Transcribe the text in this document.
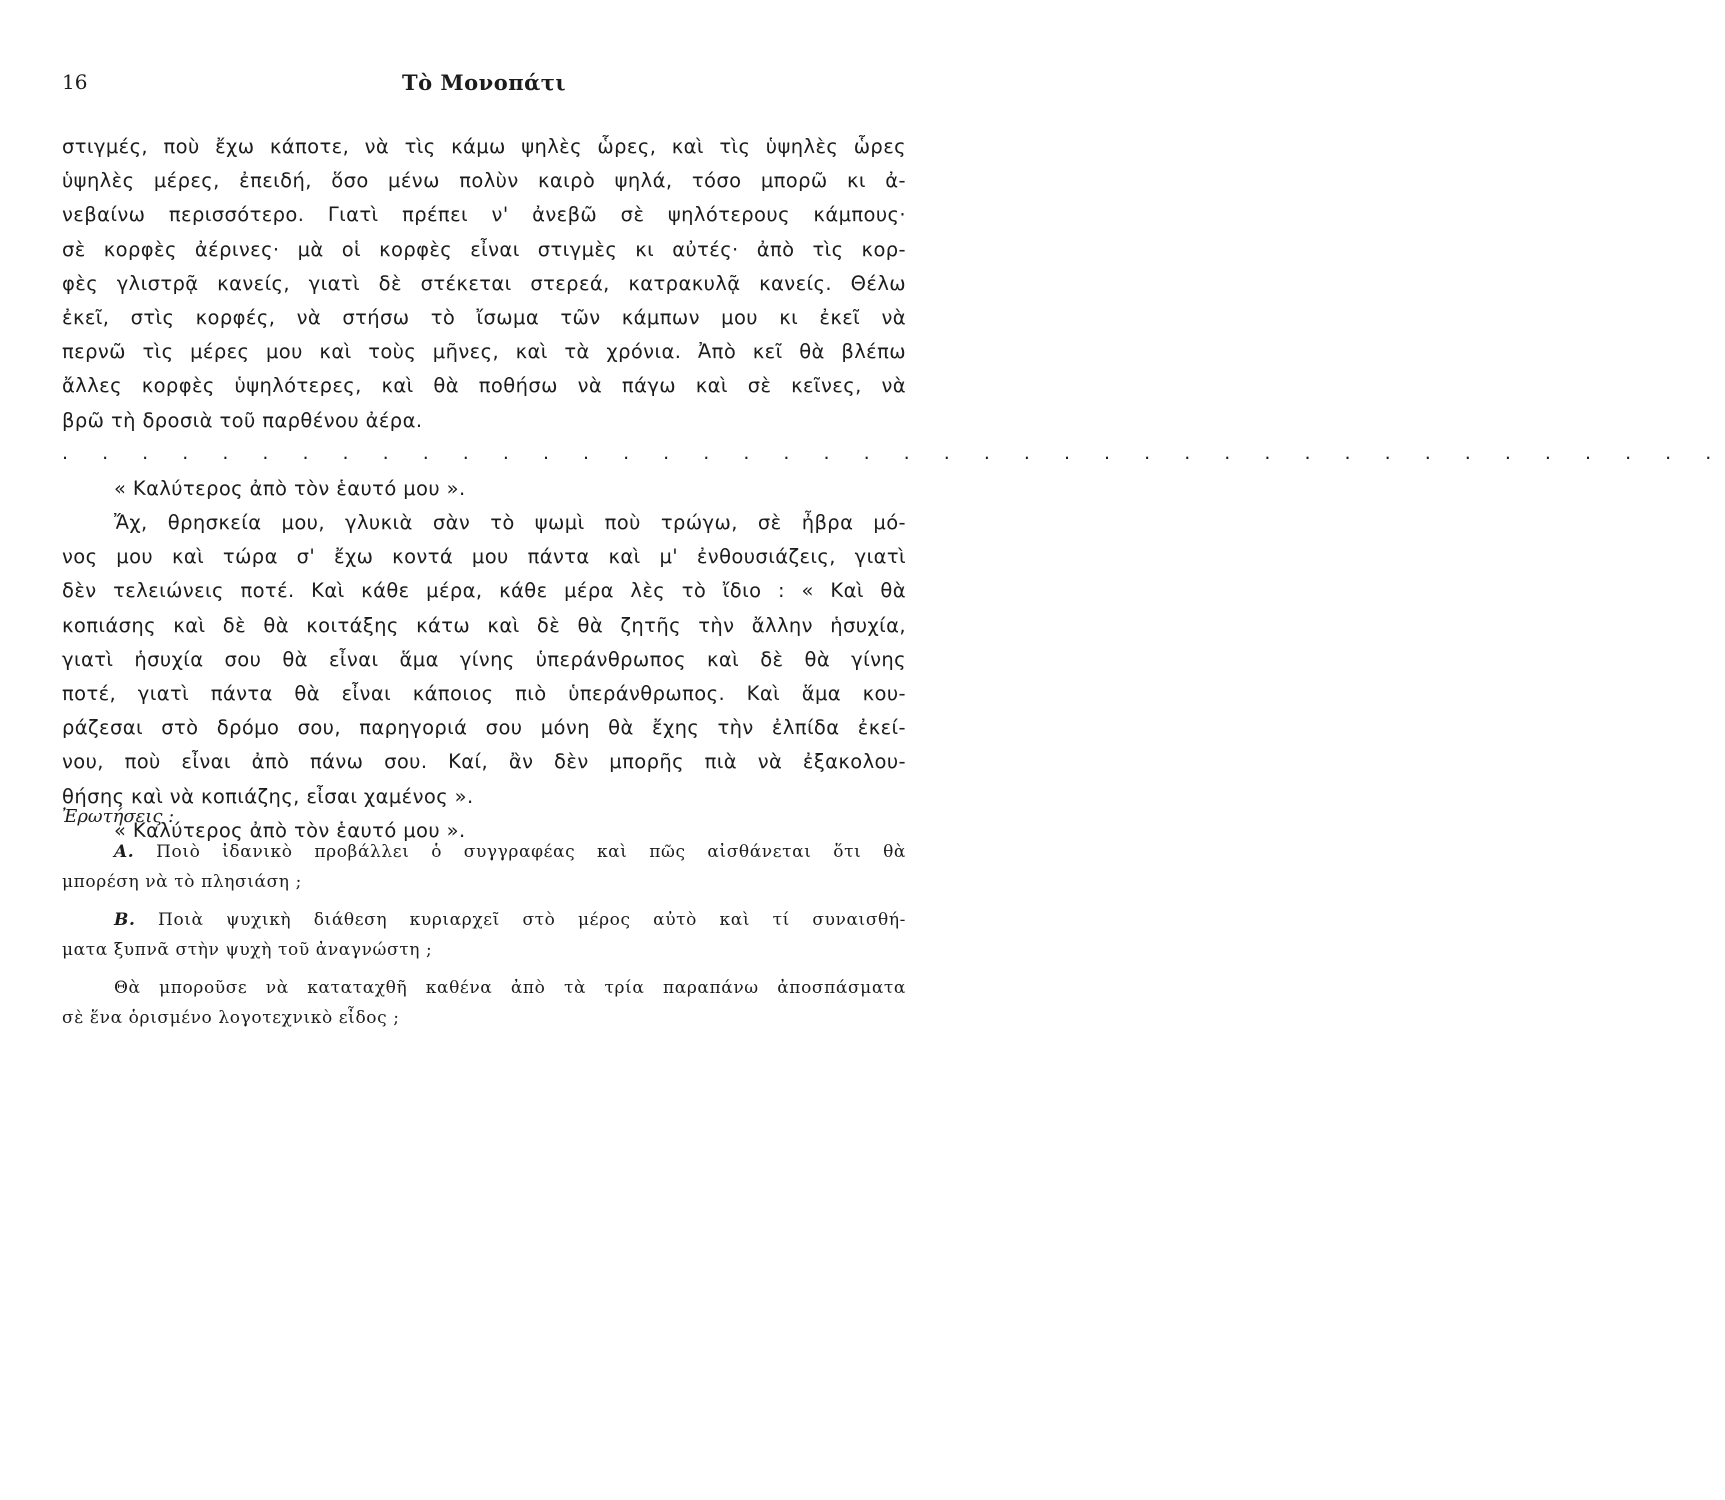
16	Τὸ Μονοπάτι
στιγμές, ποὺ ἔχω κάποτε, νὰ τὶς κάμω ψηλὲς ὧρες, καὶ τὶς ὑψηλὲς ὧρες
ὑψηλὲς μέρες, ἐπειδή, ὅσο μένω πολὺν καιρὸ ψηλά, τόσο μπορῶ κι ἀ-
νεβαίνω περισσότερο. Γιατὶ πρέπει ν' ἀνεβῶ σὲ ψηλότερους κάμπους·
σὲ κορφὲς ἀέρινες· μὰ οἱ κορφὲς εἶναι στιγμὲς κι αὐτές· ἀπὸ τὶς κορ-
φὲς γλιστρᾷ κανείς, γιατὶ δὲ στέκεται στερεά, κατρακυλᾷ κανείς. Θέλω
ἐκεῖ, στὶς κορφές, νὰ στήσω τὸ ἴσωμα τῶν κάμπων μου κι ἐκεῖ νὰ
περνῶ τὶς μέρες μου καὶ τοὺς μῆνες, καὶ τὰ χρόνια. Ἀπὸ κεῖ θὰ βλέπω
ἄλλες κορφὲς ὑψηλότερες, καὶ θὰ ποθήσω νὰ πάγω καὶ σὲ κεῖνες, νὰ
βρῶ τὴ δροσιὰ τοῦ παρθένου ἀέρα.
. . . . . . . . . . . . . . . . . . . . . . . . . . . . . . . . . . . . . . . . . .
« Καλύτερος ἀπὸ τὸν ἑαυτό μου ».
Ἄχ, θρησκεία μου, γλυκιὰ σὰν τὸ ψωμὶ ποὺ τρώγω, σὲ ἦβρα μό-
νος μου καὶ τώρα σ' ἔχω κοντά μου πάντα καὶ μ' ἐνθουσιάζεις, γιατὶ
δὲν τελειώνεις ποτέ. Καὶ κάθε μέρα, κάθε μέρα λὲς τὸ ἴδιο : « Καὶ θὰ
κοπιάσης καὶ δὲ θὰ κοιτάξης κάτω καὶ δὲ θὰ ζητῆς τὴν ἄλλην ἡσυχία,
γιατὶ ἡσυχία σου θὰ εἶναι ἅμα γίνης ὑπεράνθρωπος καὶ δὲ θὰ γίνης
ποτέ, γιατὶ πάντα θὰ εἶναι κάποιος πιὸ ὑπεράνθρωπος. Καὶ ἅμα κου-
ράζεσαι στὸ δρόμο σου, παρηγοριά σου μόνη θὰ ἔχης τὴν ἐλπίδα ἐκεί-
νου, ποὺ εἶναι ἀπὸ πάνω σου. Καί, ἂν δὲν μπορῆς πιὰ νὰ ἐξακολου-
θήσης καὶ νὰ κοπιάζης, εἶσαι χαμένος ».
« Καλύτερος ἀπὸ τὸν ἑαυτό μου ».
Ἐρωτήσεις :
Α. Ποιὸ ἰδανικὸ προβάλλει ὁ συγγραφέας καὶ πῶς αἰσθάνεται ὅτι θὰ
μπορέση νὰ τὸ πλησιάση ;
Β. Ποιὰ ψυχικὴ διάθεση κυριαρχεῖ στὸ μέρος αὐτὸ καὶ τί συναισθή-
ματα ξυπνᾶ στὴν ψυχὴ τοῦ ἀναγνώστη ;
Θὰ μποροῦσε νὰ καταταχθῆ καθένα ἀπὸ τὰ τρία παραπάνω ἀποσπάσματα
σὲ ἕνα ὁρισμένο λογοτεχνικὸ εἶδος ;
